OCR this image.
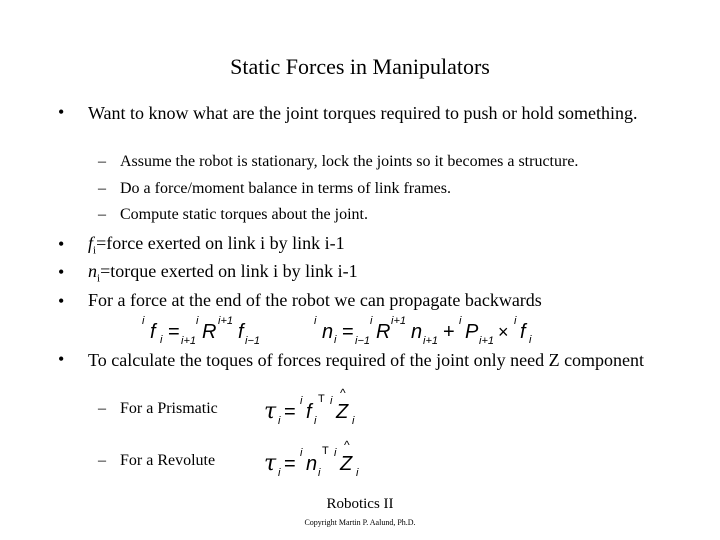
Static Forces in Manipulators
• Want to know what are the joint torques required to push or hold something.
– Assume the robot is stationary, lock the joints so it becomes a structure.
– Do a force/moment balance in terms of link frames.
– Compute static torques about the joint.
• $f_i=force$ exerted on link i by link i-1
• $n_i=torque$ exerted on link i by link i-1
• For a force at the end of the robot we can propagate backwards
i f i = i
i+1 R i+1 f i−1
i n i = i
i−1 R i+1 n i+1 + i P i+1 ×
i f i
• To calculate the toques of forces required of the joint only need Z component
– For a Prismatic τ i = i f i
T i
^
Z i
– For a Revolute τ i = i n i
T i
^
Z i
Robotics II
Copyright Martin P. Aalund, Ph.D.
